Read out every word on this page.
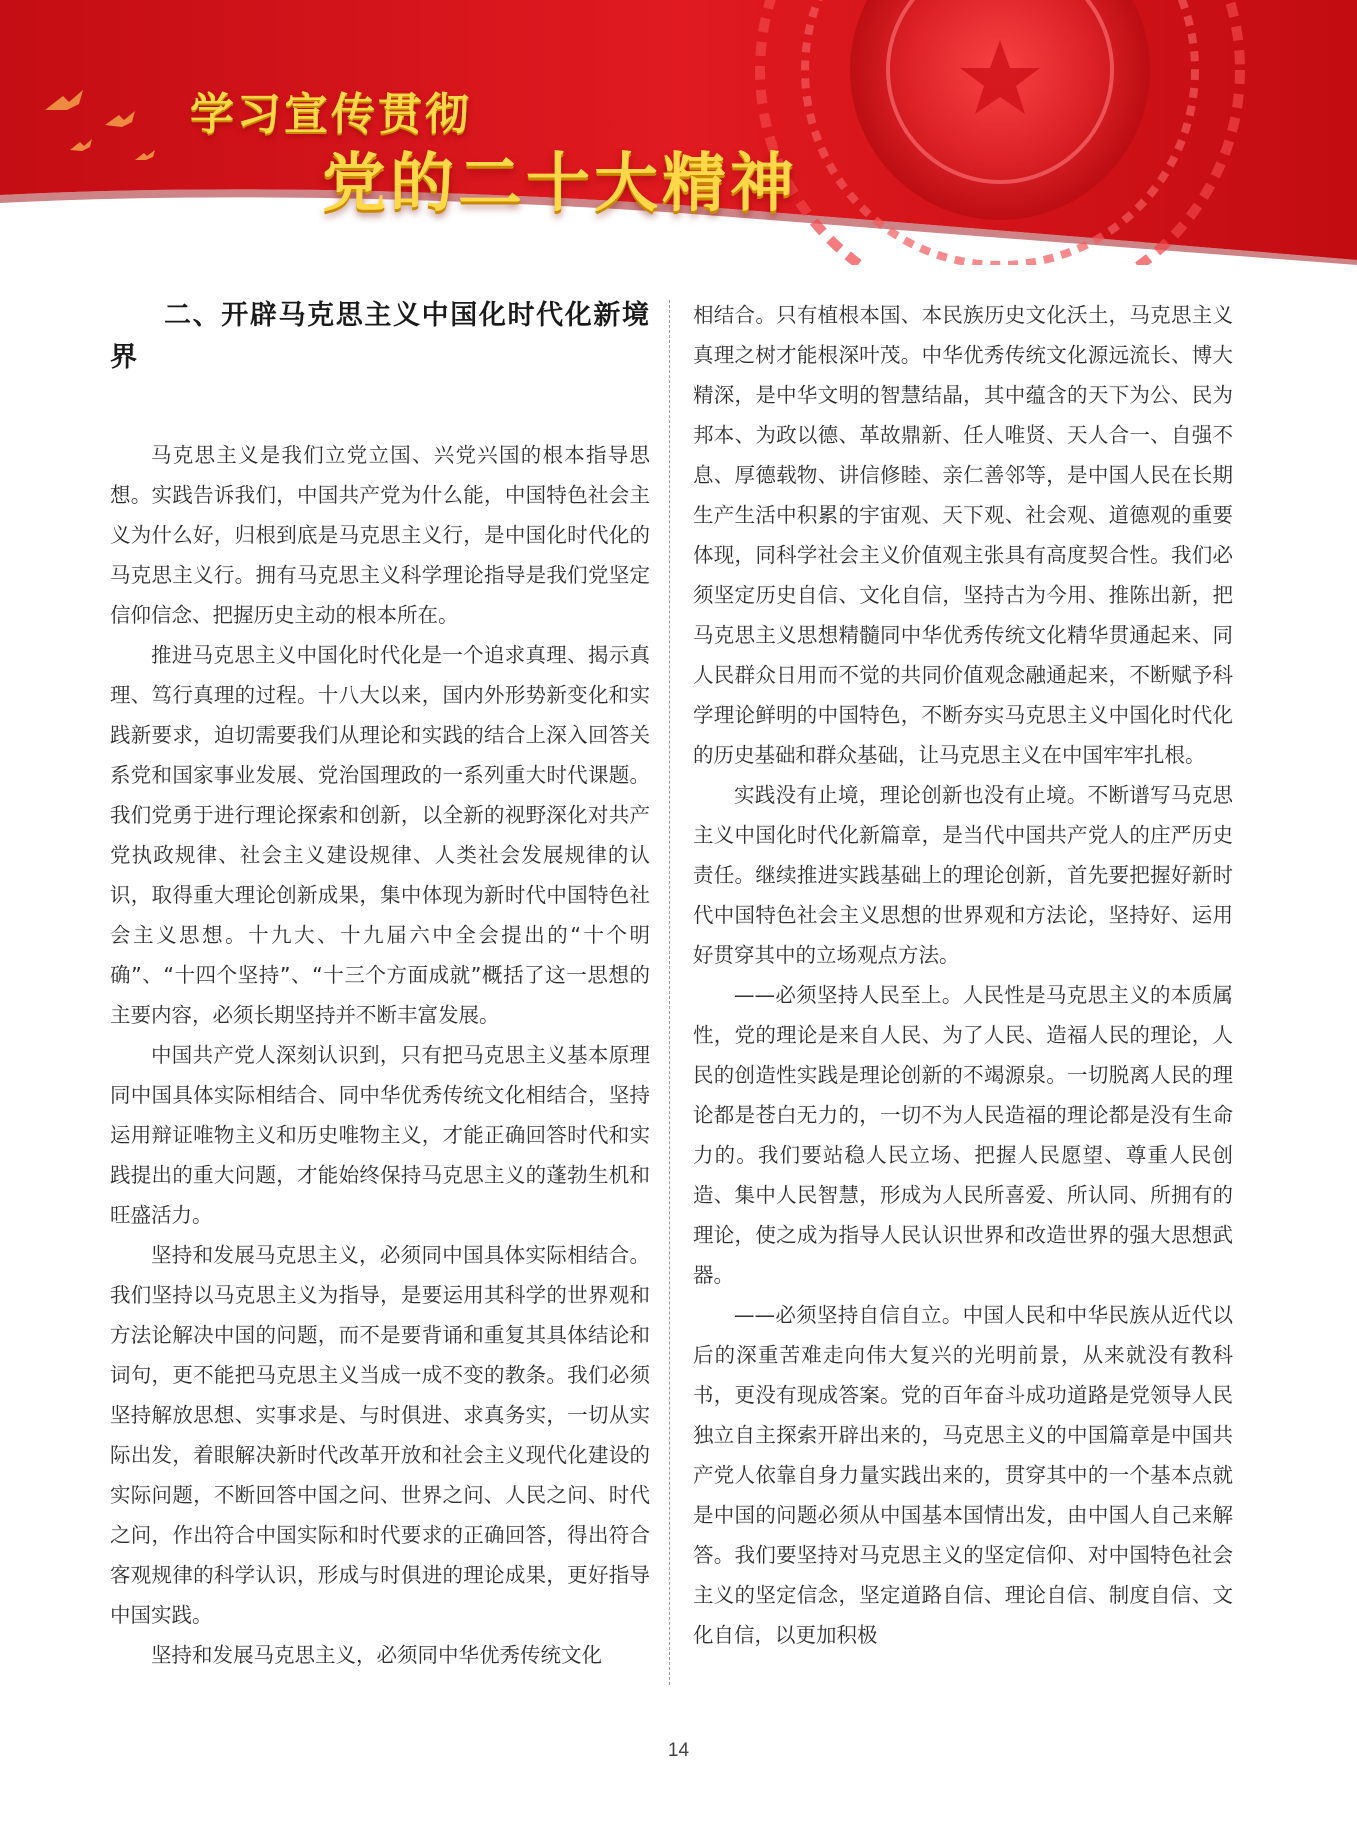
学习宣传贯彻
党的二十大精神
二、开辟马克思主义中国化时代化新境界

马克思主义是我们立党立国、兴党兴国的根本指导思想。实践告诉我们，中国共产党为什么能，中国特色社会主义为什么好，归根到底是马克思主义行，是中国化时代化的马克思主义行。拥有马克思主义科学理论指导是我们党坚定信仰信念、把握历史主动的根本所在。

推进马克思主义中国化时代化是一个追求真理、揭示真理、笃行真理的过程。十八大以来，国内外形势新变化和实践新要求，迫切需要我们从理论和实践的结合上深入回答关系党和国家事业发展、党治国理政的一系列重大时代课题。我们党勇于进行理论探索和创新，以全新的视野深化对共产党执政规律、社会主义建设规律、人类社会发展规律的认识，取得重大理论创新成果，集中体现为新时代中国特色社会主义思想。十九大、十九届六中全会提出的“十个明确”、“十四个坚持”、“十三个方面成就”概括了这一思想的主要内容，必须长期坚持并不断丰富发展。

中国共产党人深刻认识到，只有把马克思主义基本原理同中国具体实际相结合、同中华优秀传统文化相结合，坚持运用辩证唯物主义和历史唯物主义，才能正确回答时代和实践提出的重大问题，才能始终保持马克思主义的蓬勃生机和旺盛活力。

坚持和发展马克思主义，必须同中国具体实际相结合。我们坚持以马克思主义为指导，是要运用其科学的世界观和方法论解决中国的问题，而不是要背诵和重复其具体结论和词句，更不能把马克思主义当成一成不变的教条。我们必须坚持解放思想、实事求是、与时俱进、求真务实，一切从实际出发，着眼解决新时代改革开放和社会主义现代化建设的实际问题，不断回答中国之问、世界之问、人民之问、时代之问，作出符合中国实际和时代要求的正确回答，得出符合客观规律的科学认识，形成与时俱进的理论成果，更好指导中国实践。

坚持和发展马克思主义，必须同中华优秀传统文化

相结合。只有植根本国、本民族历史文化沃土，马克思主义真理之树才能根深叶茂。中华优秀传统文化源远流长、博大精深，是中华文明的智慧结晶，其中蕴含的天下为公、民为邦本、为政以德、革故鼎新、任人唯贤、天人合一、自强不息、厚德载物、讲信修睦、亲仁善邻等，是中国人民在长期生产生活中积累的宇宙观、天下观、社会观、道德观的重要体现，同科学社会主义价值观主张具有高度契合性。我们必须坚定历史自信、文化自信，坚持古为今用、推陈出新，把马克思主义思想精髓同中华优秀传统文化精华贯通起来、同人民群众日用而不觉的共同价值观念融通起来，不断赋予科学理论鲜明的中国特色，不断夯实马克思主义中国化时代化的历史基础和群众基础，让马克思主义在中国牢牢扎根。

实践没有止境，理论创新也没有止境。不断谱写马克思主义中国化时代化新篇章，是当代中国共产党人的庄严历史责任。继续推进实践基础上的理论创新，首先要把握好新时代中国特色社会主义思想的世界观和方法论，坚持好、运用好贯穿其中的立场观点方法。

——必须坚持人民至上。人民性是马克思主义的本质属性，党的理论是来自人民、为了人民、造福人民的理论，人民的创造性实践是理论创新的不竭源泉。一切脱离人民的理论都是苍白无力的，一切不为人民造福的理论都是没有生命力的。我们要站稳人民立场、把握人民愿望、尊重人民创造、集中人民智慧，形成为人民所喜爱、所认同、所拥有的理论，使之成为指导人民认识世界和改造世界的强大思想武器。

——必须坚持自信自立。中国人民和中华民族从近代以后的深重苦难走向伟大复兴的光明前景，从来就没有教科书，更没有现成答案。党的百年奋斗成功道路是党领导人民独立自主探索开辟出来的，马克思主义的中国篇章是中国共产党人依靠自身力量实践出来的，贯穿其中的一个基本点就是中国的问题必须从中国基本国情出发，由中国人自己来解答。我们要坚持对马克思主义的坚定信仰、对中国特色社会主义的坚定信念，坚定道路自信、理论自信、制度自信、文化自信，以更加积极

14
